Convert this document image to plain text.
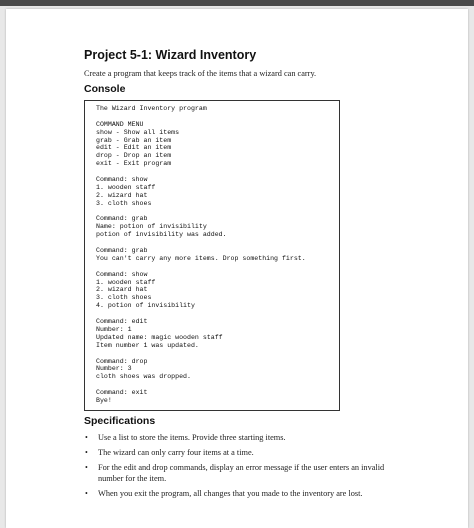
Project 5-1: Wizard Inventory

Create a program that keeps track of the items that a wizard can carry.

Console
The Wizard Inventory program
COMMAND MENU
show - Show all items
grab - Grab an item
edit - Edit an item
drop - Drop an item
exit - Exit program
Command: show
1. wooden staff
2. wizard hat
3. cloth shoes
Command: grab
Name: potion of invisibility
potion of invisibility was added.
Command: grab
You can't carry any more items. Drop something first.
Command: show
1. wooden staff
2. wizard hat
3. cloth shoes
4. potion of invisibility
Command: edit
Number: 1
Updated name: magic wooden staff
Item number 1 was updated.
Command: drop
Number: 3
cloth shoes was dropped.
Command: exit
Bye!
Specifications
• Use a list to store the items. Provide three starting items.
• The wizard can only carry four items at a time.
• For the edit and drop commands, display an error message if the user enters an invalid number for the item.
• When you exit the program, all changes that you made to the inventory are lost.
